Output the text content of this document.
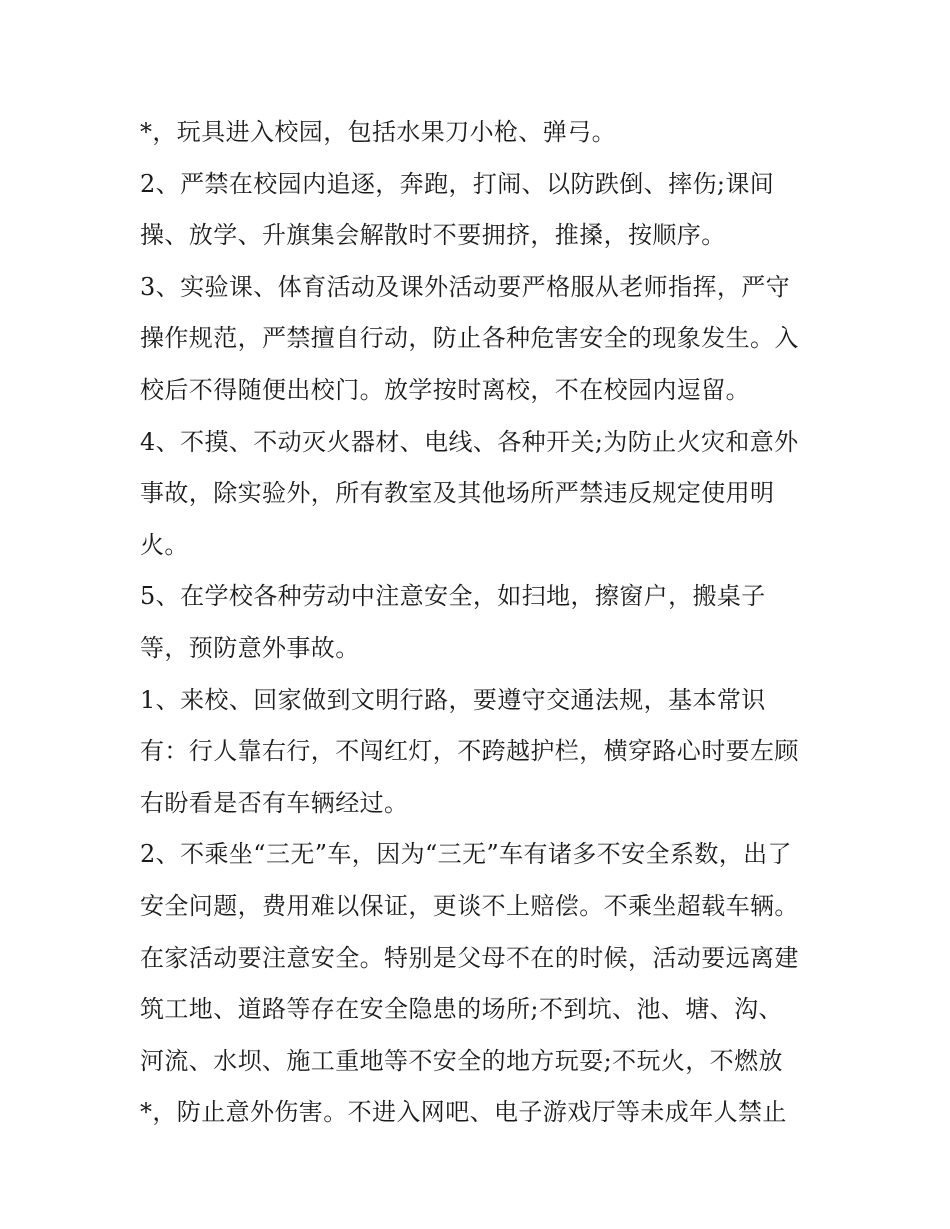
*，玩具进入校园，包括水果刀小枪、弹弓。
2、严禁在校园内追逐，奔跑，打闹、以防跌倒、摔伤;课间
操、放学、升旗集会解散时不要拥挤，推搡，按顺序。
3、实验课、体育活动及课外活动要严格服从老师指挥，严守
操作规范，严禁擅自行动，防止各种危害安全的现象发生。入
校后不得随便出校门。放学按时离校，不在校园内逗留。
4、不摸、不动灭火器材、电线、各种开关;为防止火灾和意外
事故，除实验外，所有教室及其他场所严禁违反规定使用明
火。
5、在学校各种劳动中注意安全，如扫地，擦窗户，搬桌子
等，预防意外事故。
1、来校、回家做到文明行路，要遵守交通法规，基本常识
有：行人靠右行，不闯红灯，不跨越护栏，横穿路心时要左顾
右盼看是否有车辆经过。
2、不乘坐“三无”车，因为“三无”车有诸多不安全系数，出了
安全问题，费用难以保证，更谈不上赔偿。不乘坐超载车辆。
在家活动要注意安全。特别是父母不在的时候，活动要远离建
筑工地、道路等存在安全隐患的场所;不到坑、池、塘、沟、
河流、水坝、施工重地等不安全的地方玩耍;不玩火，不燃放
*，防止意外伤害。不进入网吧、电子游戏厅等未成年人禁止
